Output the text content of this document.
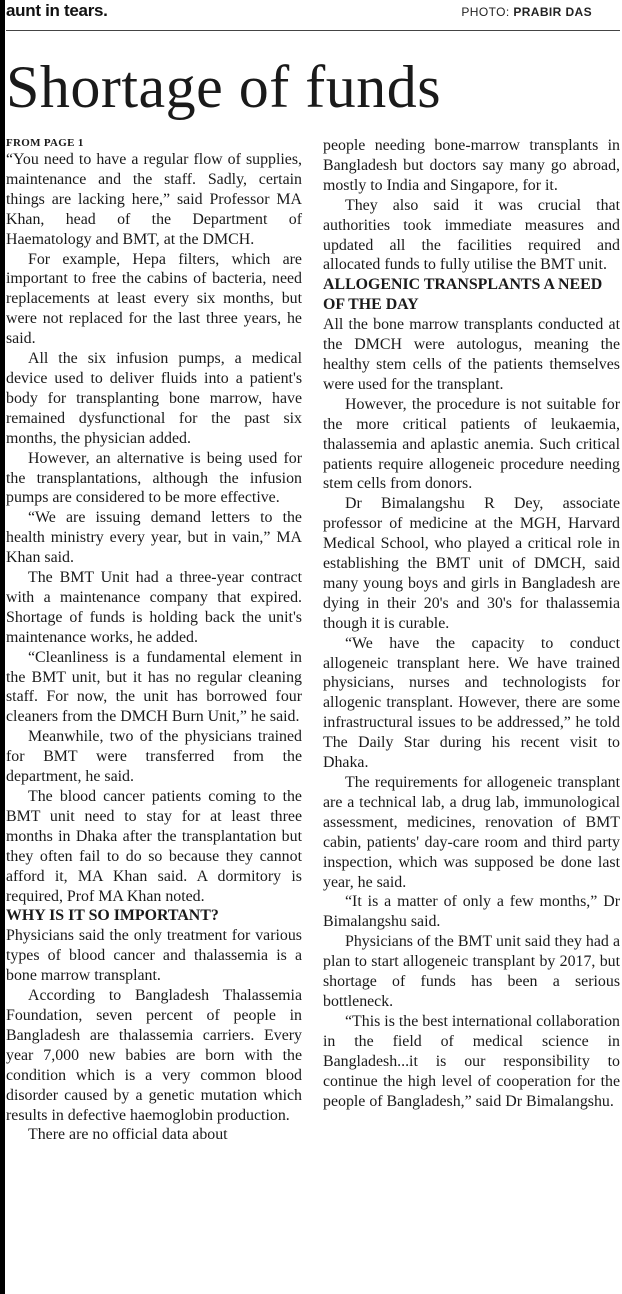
aunt in tears.	PHOTO: PRABIR DAS
Shortage of funds

FROM PAGE 1

“You need to have a regular flow of supplies, maintenance and the staff. Sadly, certain things are lacking here,” said Professor MA Khan, head of the Department of Haematology and BMT, at the DMCH.

For example, Hepa filters, which are important to free the cabins of bacteria, need replacements at least every six months, but were not replaced for the last three years, he said.

All the six infusion pumps, a medical device used to deliver fluids into a patient's body for transplanting bone marrow, have remained dysfunctional for the past six months, the physician added.

However, an alternative is being used for the transplantations, although the infusion pumps are considered to be more effective.

“We are issuing demand letters to the health ministry every year, but in vain,” MA Khan said.

The BMT Unit had a three-year contract with a maintenance company that expired. Shortage of funds is holding back the unit's maintenance works, he added.

“Cleanliness is a fundamental element in the BMT unit, but it has no regular cleaning staff. For now, the unit has borrowed four cleaners from the DMCH Burn Unit,” he said.

Meanwhile, two of the physicians trained for BMT were transferred from the department, he said.

The blood cancer patients coming to the BMT unit need to stay for at least three months in Dhaka after the transplantation but they often fail to do so because they cannot afford it, MA Khan said. A dormitory is required, Prof MA Khan noted.

WHY IS IT SO IMPORTANT?

Physicians said the only treatment for various types of blood cancer and thalassemia is a bone marrow transplant.

According to Bangladesh Thalassemia Foundation, seven percent of people in Bangladesh are thalassemia carriers. Every year 7,000 new babies are born with the condition which is a very common blood disorder caused by a genetic mutation which results in defective haemoglobin production.

There are no official data about

people needing bone-marrow transplants in Bangladesh but doctors say many go abroad, mostly to India and Singapore, for it.

They also said it was crucial that authorities took immediate measures and updated all the facilities required and allocated funds to fully utilise the BMT unit.

ALLOGENIC TRANSPLANTS A NEED OF THE DAY

All the bone marrow transplants conducted at the DMCH were autologus, meaning the healthy stem cells of the patients themselves were used for the transplant.

However, the procedure is not suitable for the more critical patients of leukaemia, thalassemia and aplastic anemia. Such critical patients require allogeneic procedure needing stem cells from donors.

Dr Bimalangshu R Dey, associate professor of medicine at the MGH, Harvard Medical School, who played a critical role in establishing the BMT unit of DMCH, said many young boys and girls in Bangladesh are dying in their 20's and 30's for thalassemia though it is curable.

“We have the capacity to conduct allogeneic transplant here. We have trained physicians, nurses and technologists for allogenic transplant. However, there are some infrastructural issues to be addressed,” he told The Daily Star during his recent visit to Dhaka.

The requirements for allogeneic transplant are a technical lab, a drug lab, immunological assessment, medicines, renovation of BMT cabin, patients' day-care room and third party inspection, which was supposed be done last year, he said.

“It is a matter of only a few months,” Dr Bimalangshu said.

Physicians of the BMT unit said they had a plan to start allogeneic transplant by 2017, but shortage of funds has been a serious bottleneck.

“This is the best international collaboration in the field of medical science in Bangladesh...it is our responsibility to continue the high level of cooperation for the people of Bangladesh,” said Dr Bimalangshu.
